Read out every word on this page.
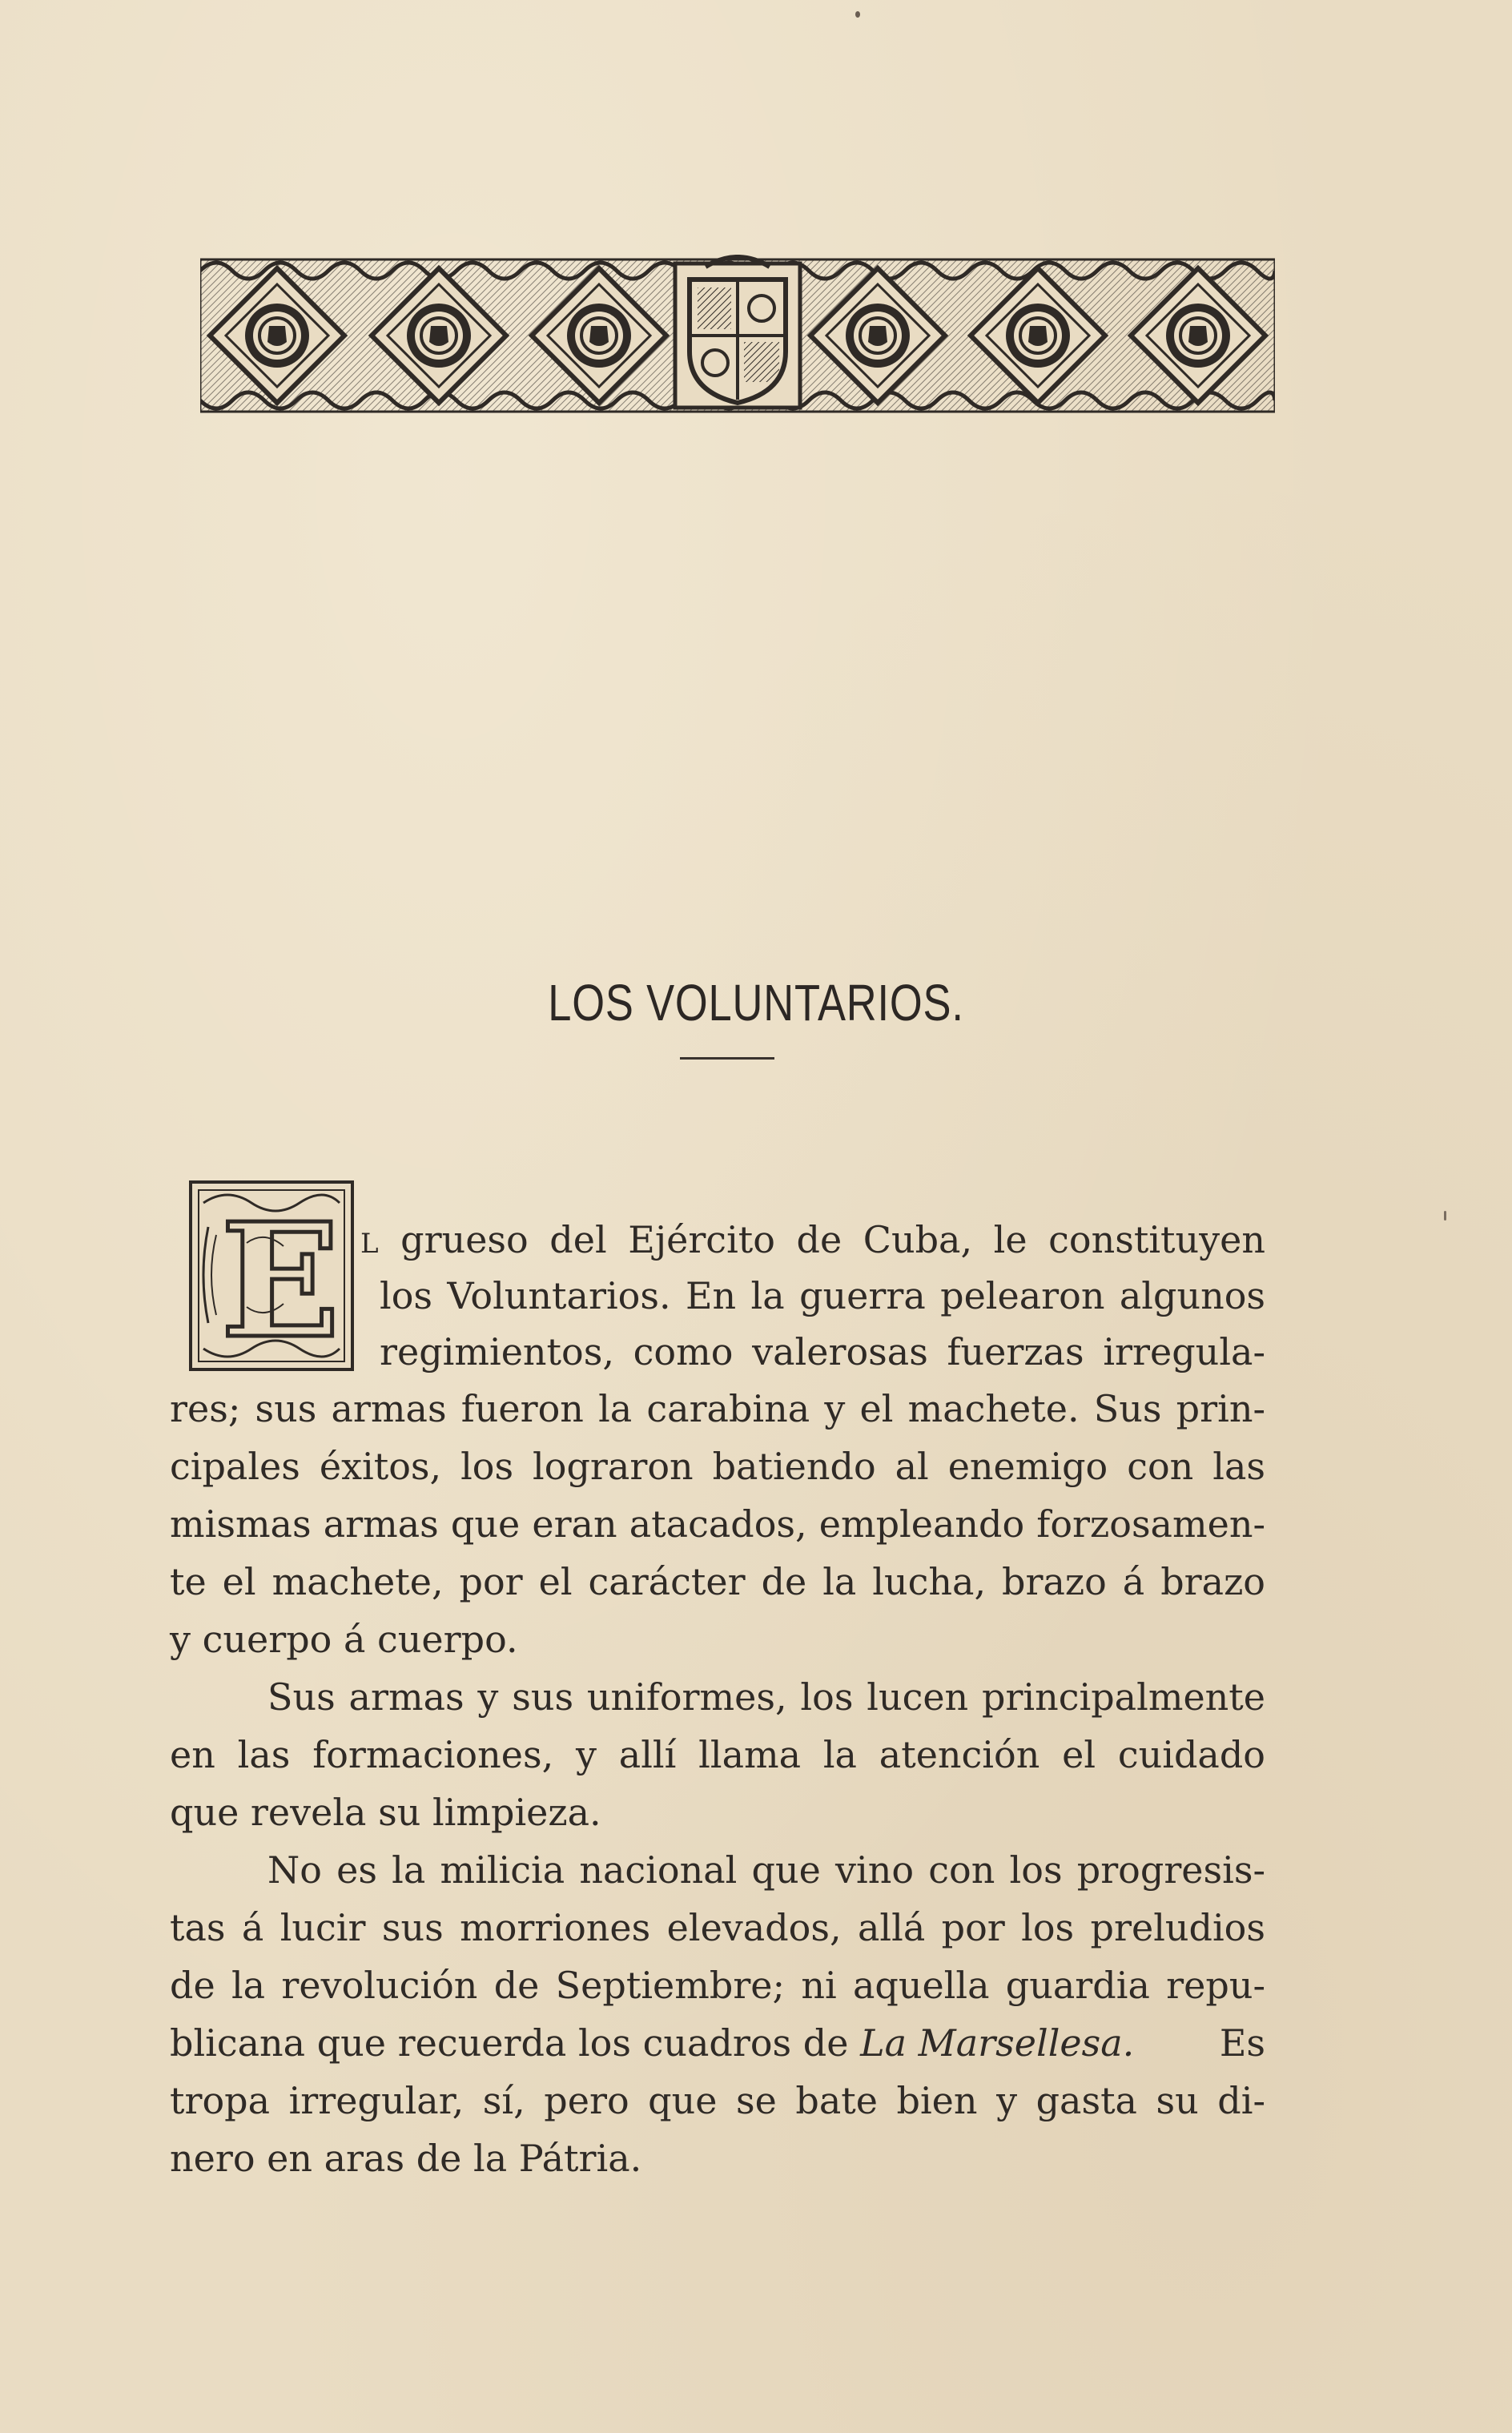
LOS VOLUNTARIOS.
E L grueso del Ejército de Cuba, le constituyen
los Voluntarios. En la guerra pelearon algunos
regimientos, como valerosas fuerzas irregula-
res; sus armas fueron la carabina y el machete. Sus prin-
cipales éxitos, los lograron batiendo al enemigo con las
mismas armas que eran atacados, empleando forzosamen-
te el machete, por el carácter de la lucha, brazo á brazo
y cuerpo á cuerpo.
Sus armas y sus uniformes, los lucen principalmente
en las formaciones, y allí llama la atención el cuidado
que revela su limpieza.
No es la milicia nacional que vino con los progresis-
tas á lucir sus morriones elevados, allá por los preludios
de la revolución de Septiembre; ni aquella guardia repu-
blicana que recuerda los cuadros de La Marsellesa. Es
tropa irregular, sí, pero que se bate bien y gasta su di-
nero en aras de la Pátria.
